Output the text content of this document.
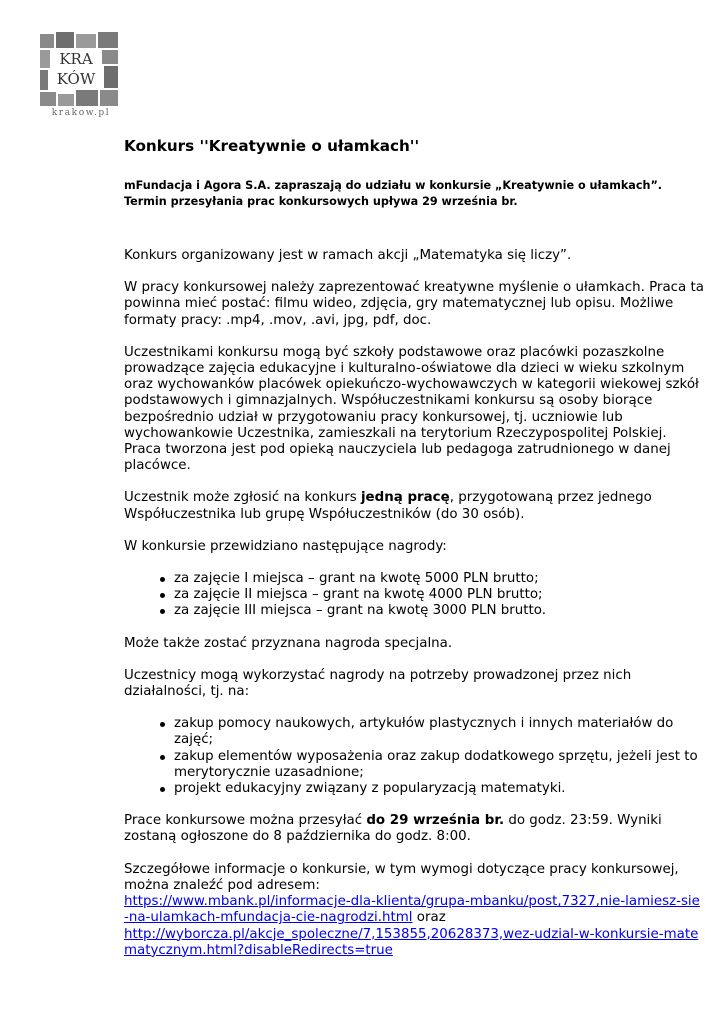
KRA
KÓW
krakow.pl
Konkurs ''Kreatywnie o ułamkach''
mFundacja i Agora S.A. zapraszają do udziału w konkursie „Kreatywnie o ułamkach”. Termin przesyłania prac konkursowych upływa 29 września br.

Konkurs organizowany jest w ramach akcji „Matematyka się liczy”.

W pracy konkursowej należy zaprezentować kreatywne myślenie o ułamkach. Praca ta powinna mieć postać: filmu wideo, zdjęcia, gry matematycznej lub opisu. Możliwe formaty pracy: .mp4, .mov, .avi, jpg, pdf, doc.

Uczestnikami konkursu mogą być szkoły podstawowe oraz placówki pozaszkolne prowadzące zajęcia edukacyjne i kulturalno-oświatowe dla dzieci w wieku szkolnym oraz wychowanków placówek opiekuńczo-wychowawczych w kategorii wiekowej szkół podstawowych i gimnazjalnych. Współuczestnikami konkursu są osoby biorące bezpośrednio udział w przygotowaniu pracy konkursowej, tj. uczniowie lub wychowankowie Uczestnika, zamieszkali na terytorium Rzeczypospolitej Polskiej. Praca tworzona jest pod opieką nauczyciela lub pedagoga zatrudnionego w danej placówce.

Uczestnik może zgłosić na konkurs jedną pracę, przygotowaną przez jednego Współuczestnika lub grupę Współuczestników (do 30 osób).

W konkursie przewidziano następujące nagrody:

za zajęcie I miejsca – grant na kwotę 5000 PLN brutto;
za zajęcie II miejsca – grant na kwotę 4000 PLN brutto;
za zajęcie III miejsca – grant na kwotę 3000 PLN brutto.

Może także zostać przyznana nagroda specjalna.

Uczestnicy mogą wykorzystać nagrody na potrzeby prowadzonej przez nich działalności, tj. na:

zakup pomocy naukowych, artykułów plastycznych i innych materiałów do zajęć;
zakup elementów wyposażenia oraz zakup dodatkowego sprzętu, jeżeli jest to merytorycznie uzasadnione;
projekt edukacyjny związany z popularyzacją matematyki.

Prace konkursowe można przesyłać do 29 września br. do godz. 23:59. Wyniki zostaną ogłoszone do 8 października do godz. 8:00.

Szczegółowe informacje o konkursie, w tym wymogi dotyczące pracy konkursowej, można znaleźć pod adresem:
https://www.mbank.pl/informacje-dla-klienta/grupa-mbanku/post,7327,nie-lamiesz-sie-na-ulamkach-mfundacja-cie-nagrodzi.html oraz
http://wyborcza.pl/akcje_spoleczne/7,153855,20628373,wez-udzial-w-konkursie-matematycznym.html?disableRedirects=true
